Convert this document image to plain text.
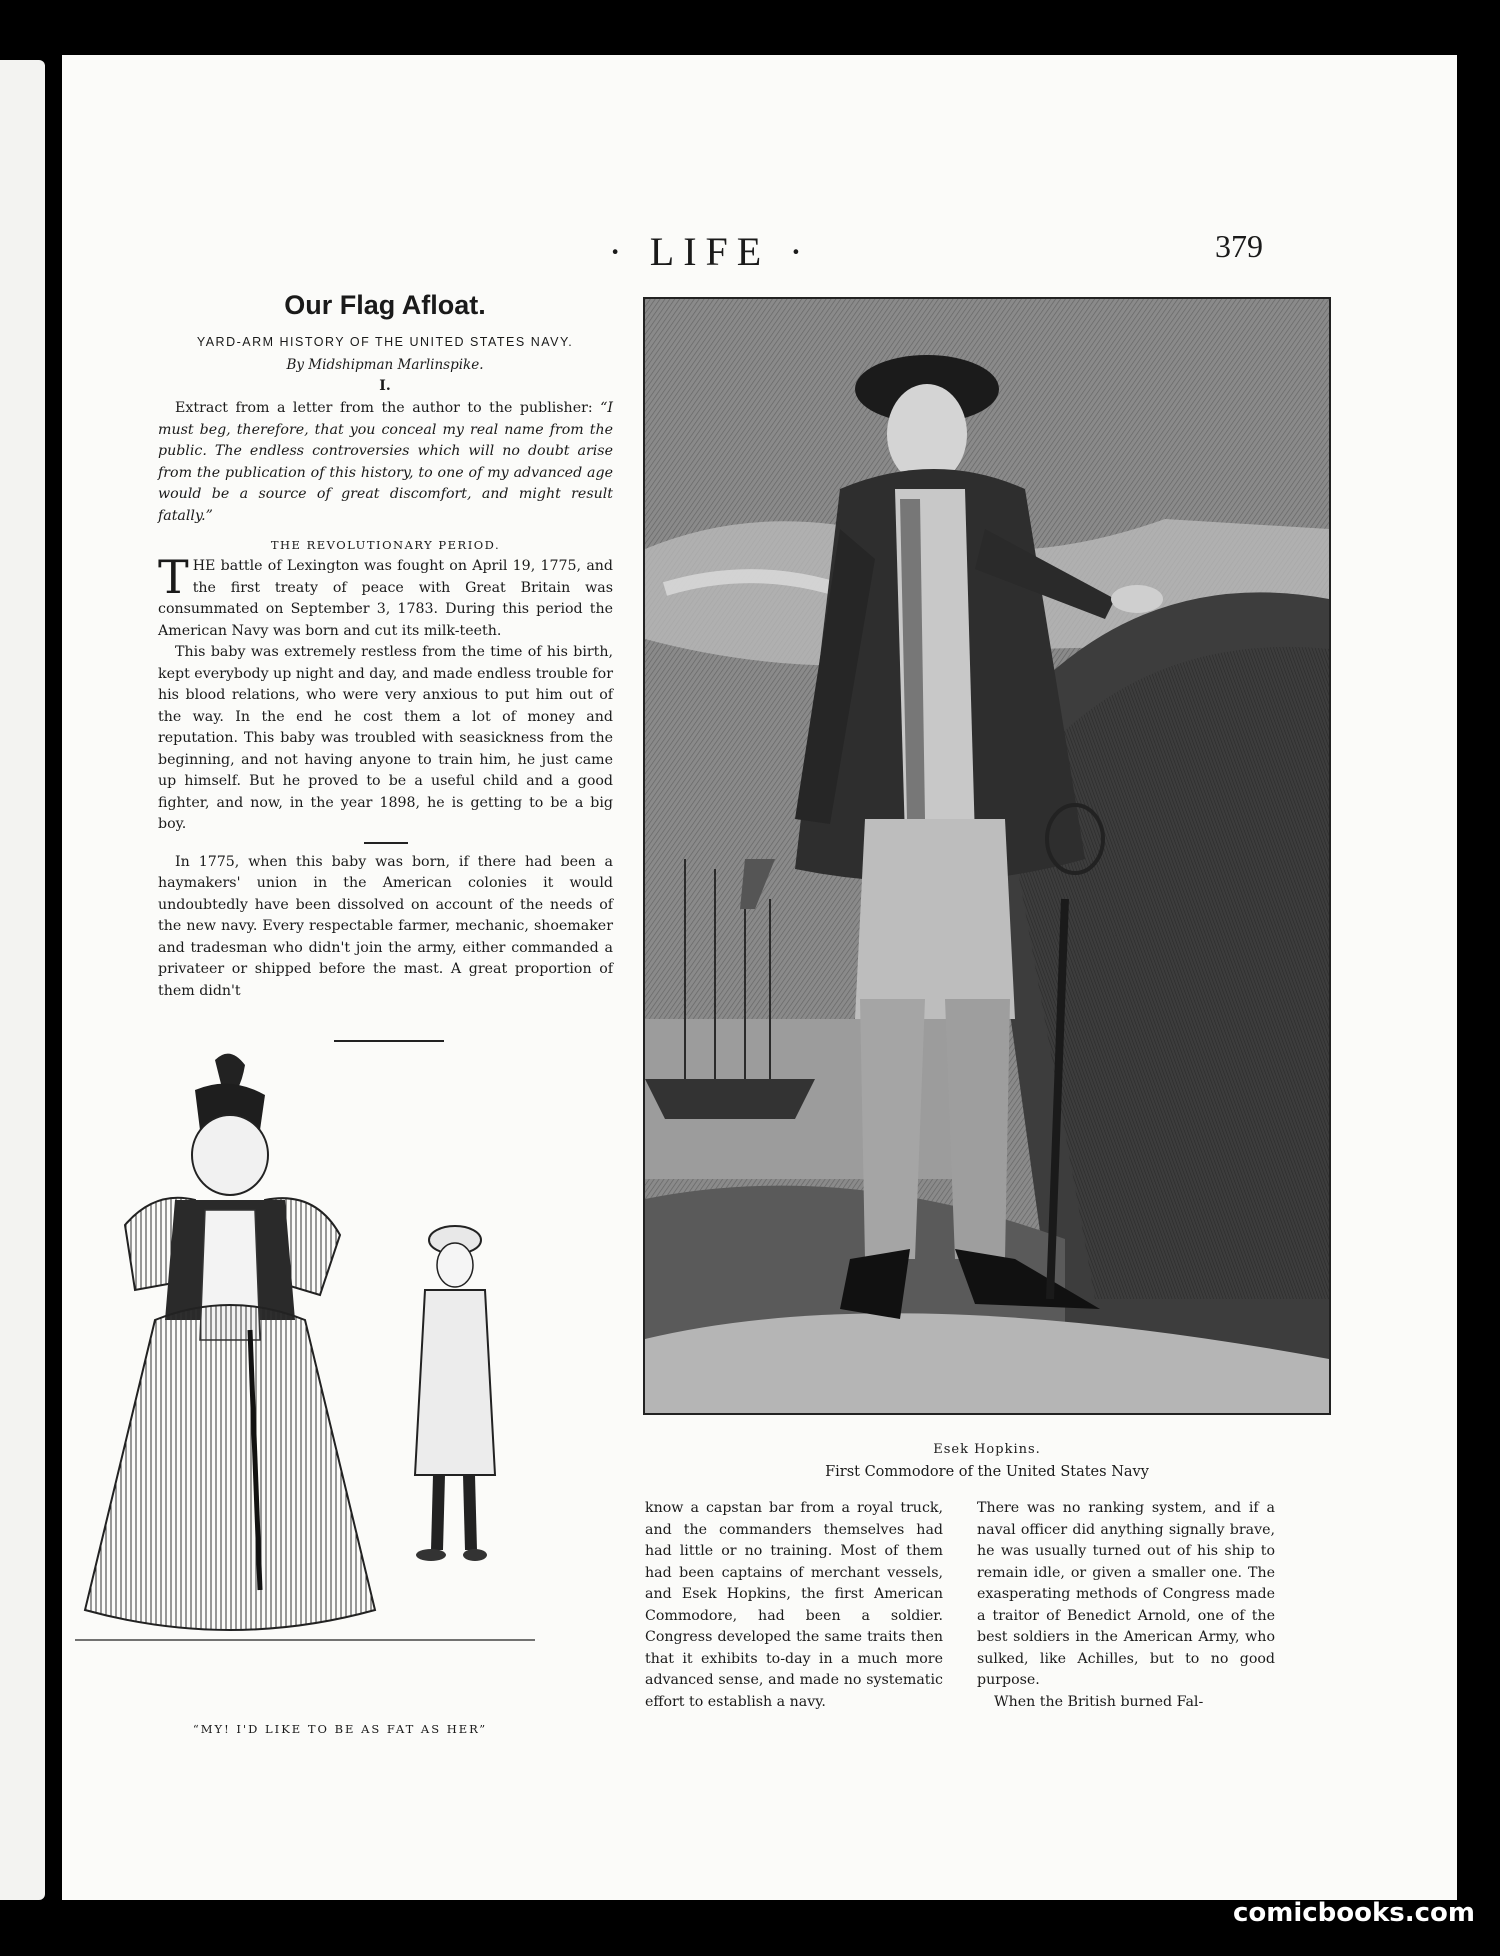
· LIFE ·	379
Our Flag Afloat.
YARD-ARM HISTORY OF THE UNITED STATES NAVY.
By Midshipman Marlinspike.
I.

Extract from a letter from the author to the publisher: “I must beg, therefore, that you conceal my real name from the public. The endless controversies which will no doubt arise from the publication of this history, to one of my advanced age would be a source of great discomfort, and might result fatally.”

THE REVOLUTIONARY PERIOD.

THE battle of Lexington was fought on April 19, 1775, and the first treaty of peace with Great Britain was consummated on September 3, 1783. During this period the American Navy was born and cut its milk-teeth.

This baby was extremely restless from the time of his birth, kept everybody up night and day, and made endless trouble for his blood relations, who were very anxious to put him out of the way. In the end he cost them a lot of money and reputation. This baby was troubled with seasickness from the beginning, and not having anyone to train him, he just came up himself. But he proved to be a useful child and a good fighter, and now, in the year 1898, he is getting to be a big boy.

In 1775, when this baby was born, if there had been a haymakers' union in the American colonies it would undoubtedly have been dissolved on account of the needs of the new navy. Every respectable farmer, mechanic, shoemaker and tradesman who didn't join the army, either commanded a privateer or shipped before the mast. A great proportion of them didn't

Esek Hopkins.
First Commodore of the United States Navy

know a capstan bar from a royal truck, and the commanders themselves had had little or no training. Most of them had been captains of merchant vessels, and Esek Hopkins, the first American Commodore, had been a soldier. Congress developed the same traits then that it exhibits to-day in a much more advanced sense, and made no systematic effort to establish a navy.

There was no ranking system, and if a naval officer did anything signally brave, he was usually turned out of his ship to remain idle, or given a smaller one. The exasperating methods of Congress made a traitor of Benedict Arnold, one of the best soldiers in the American Army, who sulked, like Achilles, but to no good purpose.

When the British burned Fal-

“MY! I'D LIKE TO BE AS FAT AS HER”
comicbooks.com
